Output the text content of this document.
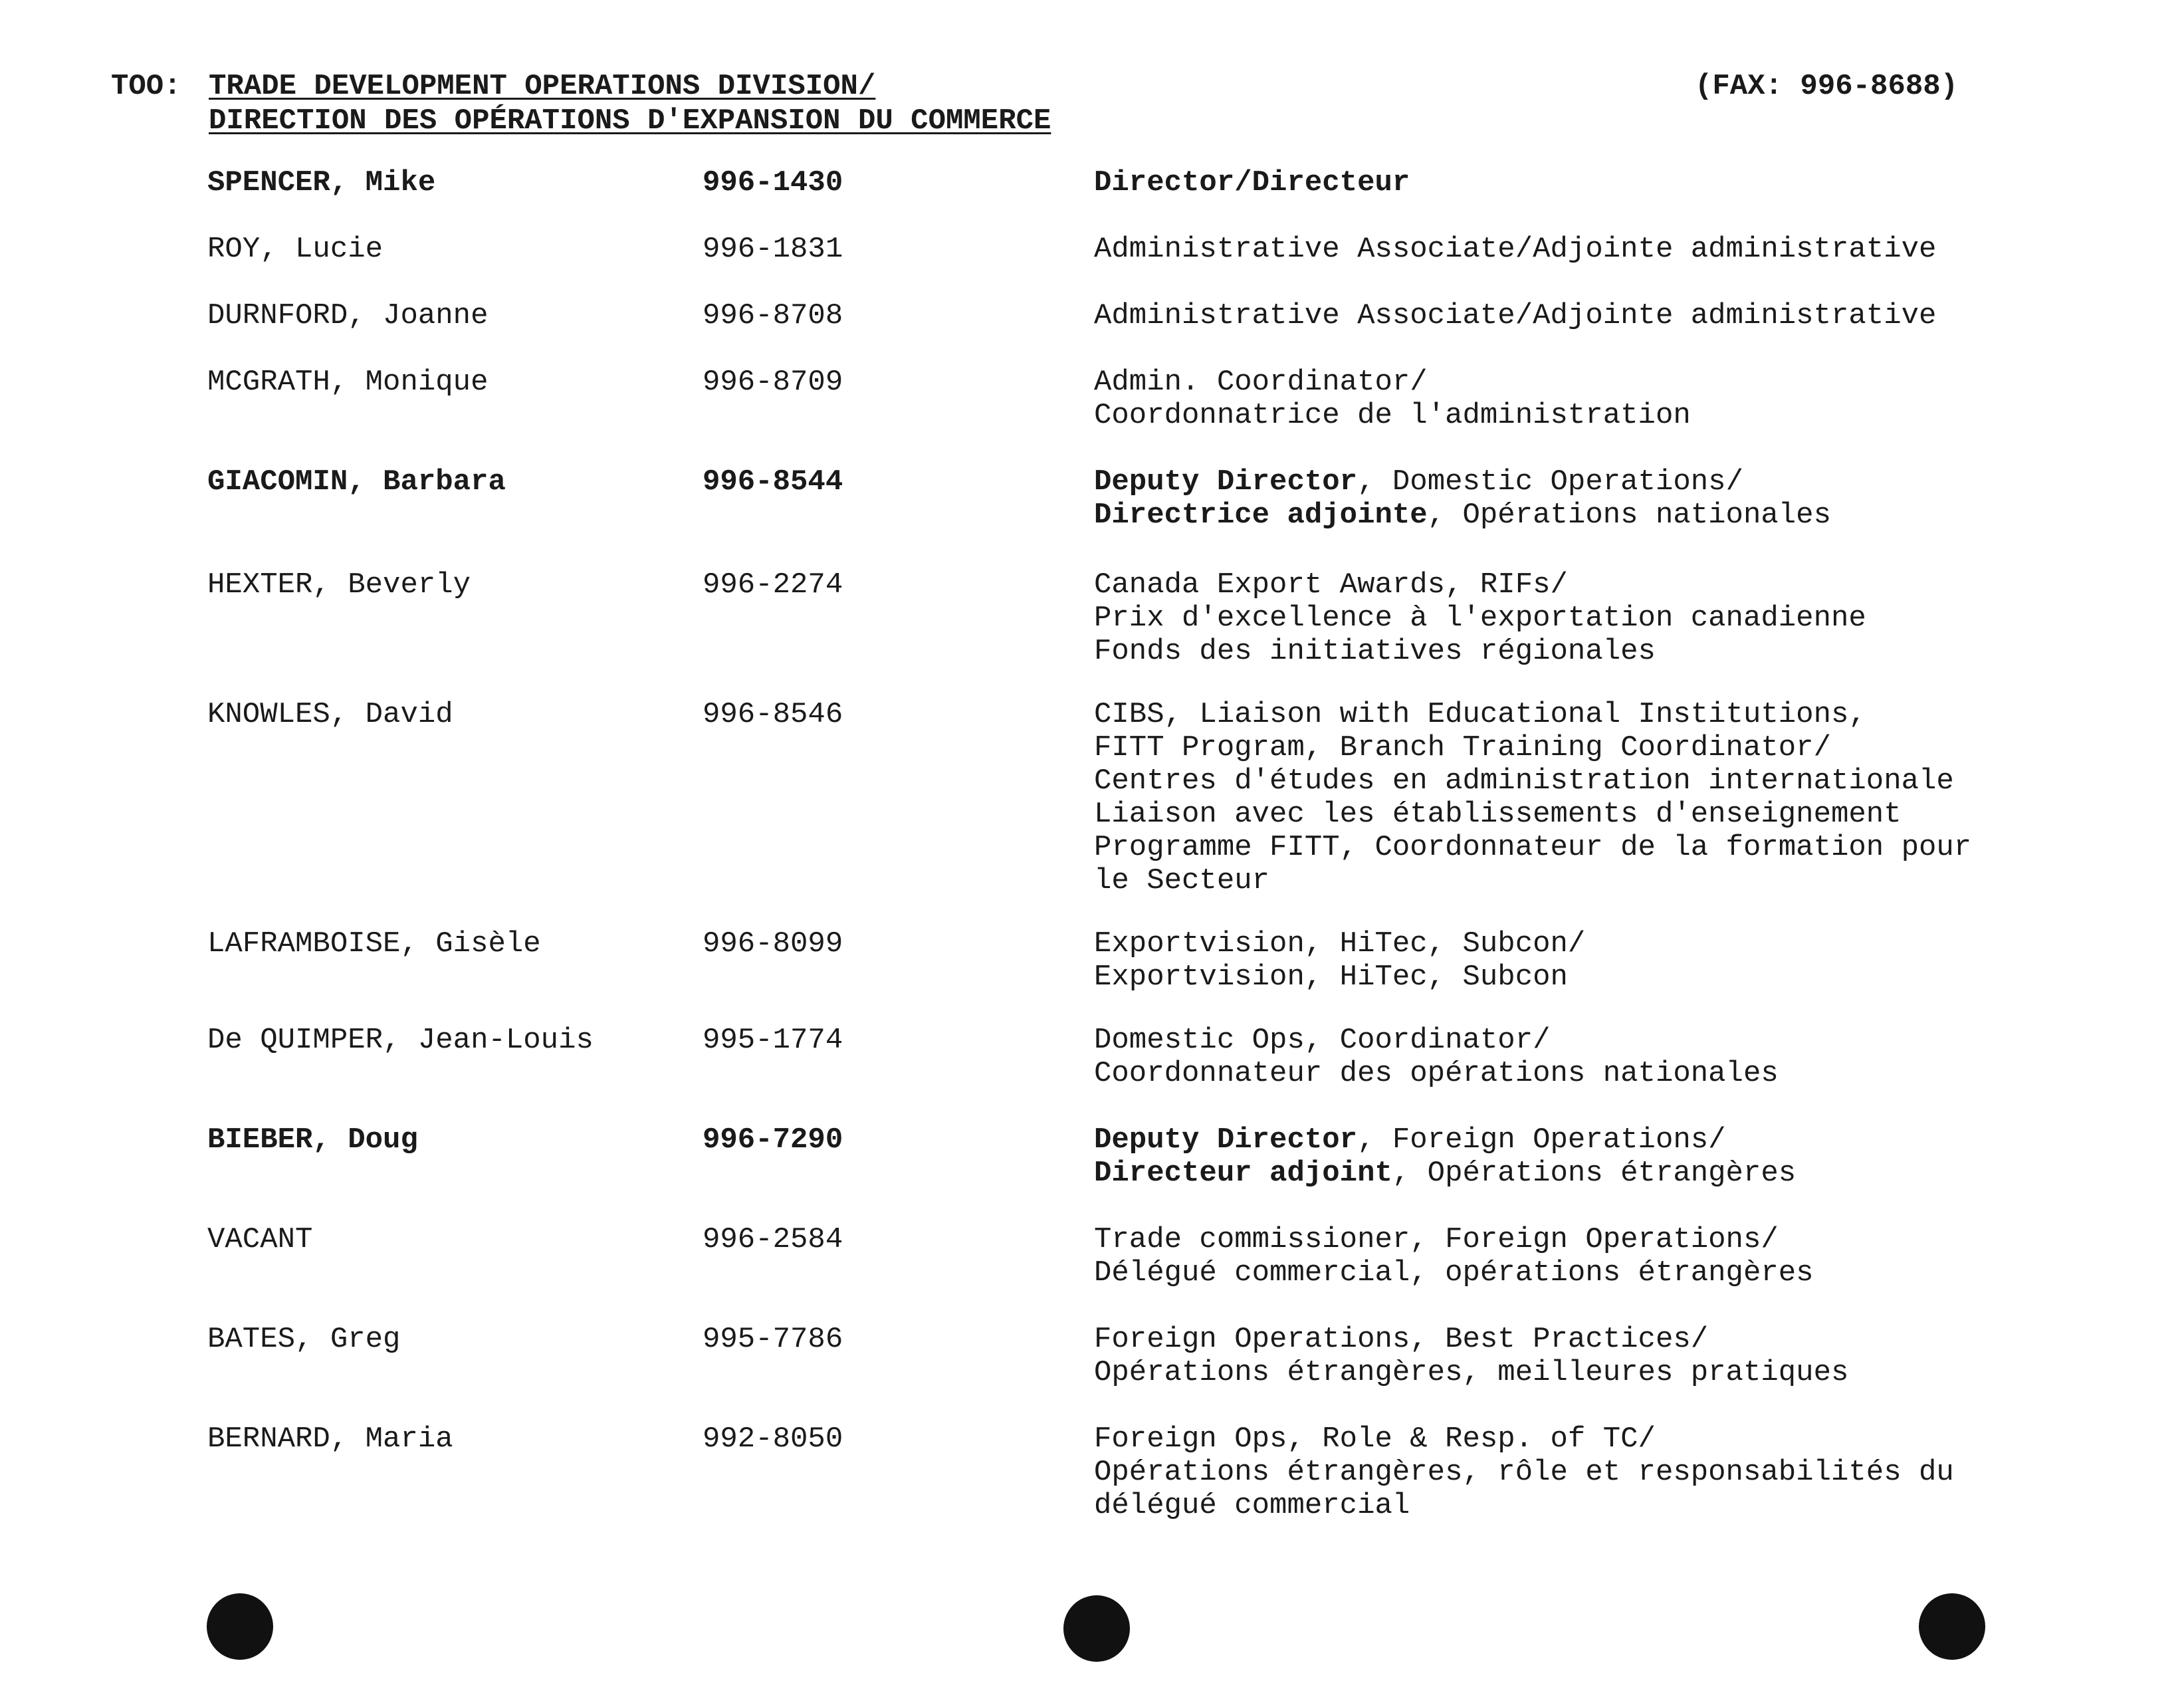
TOO: TRADE DEVELOPMENT OPERATIONS DIVISION/
DIRECTION DES OPÉRATIONS D'EXPANSION DU COMMERCE
(FAX: 996-8688)
SPENCER, Mike	996-1430	Director/Directeur
ROY, Lucie	996-1831	Administrative Associate/Adjointe administrative
DURNFORD, Joanne	996-8708	Administrative Associate/Adjointe administrative
MCGRATH, Monique	996-8709	Admin. Coordinator/
Coordonnatrice de l'administration
GIACOMIN, Barbara	996-8544	Deputy Director, Domestic Operations/
Directrice adjointe, Opérations nationales
HEXTER, Beverly	996-2274	Canada Export Awards, RIFs/
Prix d'excellence à l'exportation canadienne
Fonds des initiatives régionales
KNOWLES, David	996-8546	CIBS, Liaison with Educational Institutions,
FITT Program, Branch Training Coordinator/
Centres d'études en administration internationale
Liaison avec les établissements d'enseignement
Programme FITT, Coordonnateur de la formation pour
le Secteur
LAFRAMBOISE, Gisèle	996-8099	Exportvision, HiTec, Subcon/
Exportvision, HiTec, Subcon
De QUIMPER, Jean-Louis	995-1774	Domestic Ops, Coordinator/
Coordonnateur des opérations nationales
BIEBER, Doug	996-7290	Deputy Director, Foreign Operations/
Directeur adjoint, Opérations étrangères
VACANT	996-2584	Trade commissioner, Foreign Operations/
Délégué commercial, opérations étrangères
BATES, Greg	995-7786	Foreign Operations, Best Practices/
Opérations étrangères, meilleures pratiques
BERNARD, Maria	992-8050	Foreign Ops, Role & Resp. of TC/
Opérations étrangères, rôle et responsabilités du
délégué commercial
